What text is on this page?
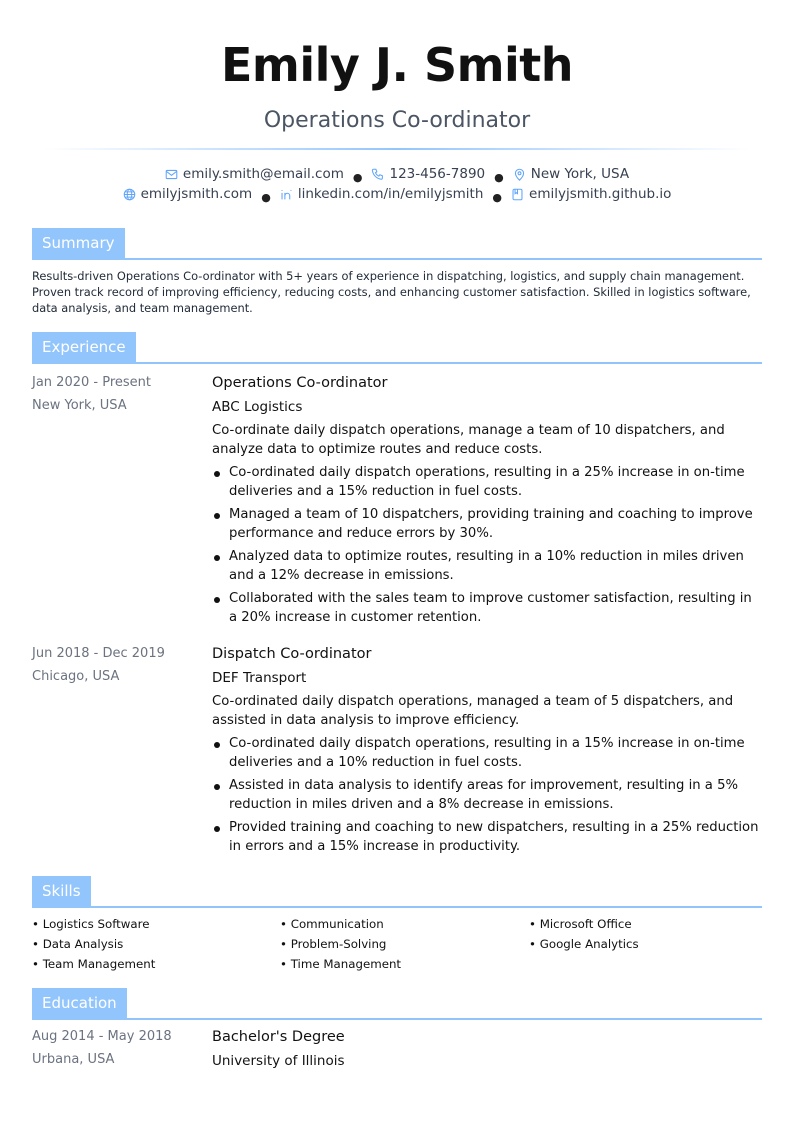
Emily J. Smith
Operations Co-ordinator
emily.smith@email.com ● 123-456-7890 ● New York, USA
emilyjsmith.com ● linkedin.com/in/emilyjsmith ● emilyjsmith.github.io
Summary
Results-driven Operations Co-ordinator with 5+ years of experience in dispatching, logistics, and supply chain management. Proven track record of improving efficiency, reducing costs, and enhancing customer satisfaction. Skilled in logistics software, data analysis, and team management.
Experience
Jan 2020 - Present
New York, USA
Operations Co-ordinator
ABC Logistics
Co-ordinate daily dispatch operations, manage a team of 10 dispatchers, and analyze data to optimize routes and reduce costs.
Co-ordinated daily dispatch operations, resulting in a 25% increase in on-time deliveries and a 15% reduction in fuel costs.
Managed a team of 10 dispatchers, providing training and coaching to improve performance and reduce errors by 30%.
Analyzed data to optimize routes, resulting in a 10% reduction in miles driven and a 12% decrease in emissions.
Collaborated with the sales team to improve customer satisfaction, resulting in a 20% increase in customer retention.
Jun 2018 - Dec 2019
Chicago, USA
Dispatch Co-ordinator
DEF Transport
Co-ordinated daily dispatch operations, managed a team of 5 dispatchers, and assisted in data analysis to improve efficiency.
Co-ordinated daily dispatch operations, resulting in a 15% increase in on-time deliveries and a 10% reduction in fuel costs.
Assisted in data analysis to identify areas for improvement, resulting in a 5% reduction in miles driven and a 8% decrease in emissions.
Provided training and coaching to new dispatchers, resulting in a 25% reduction in errors and a 15% increase in productivity.
Skills
• Logistics Software
• Data Analysis
• Team Management
• Communication
• Problem-Solving
• Time Management
• Microsoft Office
• Google Analytics
Education
Aug 2014 - May 2018
Urbana, USA
Bachelor's Degree
University of Illinois
